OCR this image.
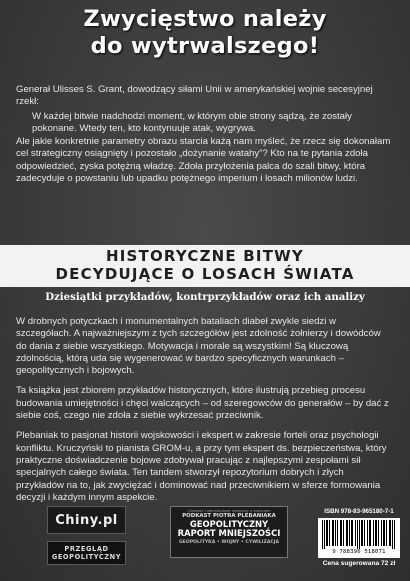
Zwycięstwo należy
do wytrwalszego!

Generał Ulisses S. Grant, dowodzący siłami Unii w amerykańskiej wojnie secesyjnej rzekł:

W każdej bitwie nadchodzi moment, w którym obie strony sądzą, że zostały pokonane. Wtedy ten, kto kontynuuje atak, wygrywa.

Ale jakie konkretnie parametry obrazu starcia każą nam myśleć, że rzecz się dokonałam cel strategiczny osiągnięty i pozostało „dożynanie watahy”? Kto na te pytania zdoła odpowiedzieć, zyska potężną władzę. Zdoła przyłożenia palca do szali bitwy, która zadecyduje o powstaniu lub upadku potężnego imperium i losach milionów ludzi.

HISTORYCZNE BITWY
DECYDUJĄCE O LOSACH ŚWIATA
Dziesiątki przykładów, kontrprzykładów oraz ich analizy

W drobnych potyczkach i monumentalnych bataliach diabeł zwykle siedzi w szczegółach. A najważniejszym z tych szczegółów jest zdolność żołnierzy i dowódców do dania z siebie wszystkiego. Motywacja i morale są wszystkim! Są kluczową zdolnością, którą uda się wygenerować w bardzo specyficznych warunkach – geopolitycznych i bojowych.

Ta książka jest zbiorem przykładów historycznych, które ilustrują przebieg procesu budowania umiejętności i chęci walczących – od szeregowców do generałów – by dać z siebie coś, czego nie zdoła z siebie wykrzesać przeciwnik.

Plebaniak to pasjonat historii wojskowości i ekspert w zakresie forteli oraz psychologii konfliktu. Kruczyński to pianista GROM-u, a przy tym ekspert ds. bezpieczeństwa, który praktyczne doświadczenie bojowe zdobywał pracując z najlepszymi zespołami sił specjalnych całego świata. Ten tandem stworzył repozytorium dobrych i złych przykładów na to, jak zwyciężać i dominować nad przeciwnikiem w sferze formowania decyzji i każdym innym aspekcie.

Chiny.pl
PRZEGLĄD
GEOPOLITYCZNY
Ciekawe i wartościowe rozmowy z autorami
PODKAST PIOTRA PLEBANIAKA
GEOPOLITYCZNY
RAPORT MNIEJSZOŚCI
GEOPOLITYKA • WOJNY • CYWILIZACJA
ISBN 978-83-965180-7-1
9 788396 518071
Cena sugerowana 72 zł
